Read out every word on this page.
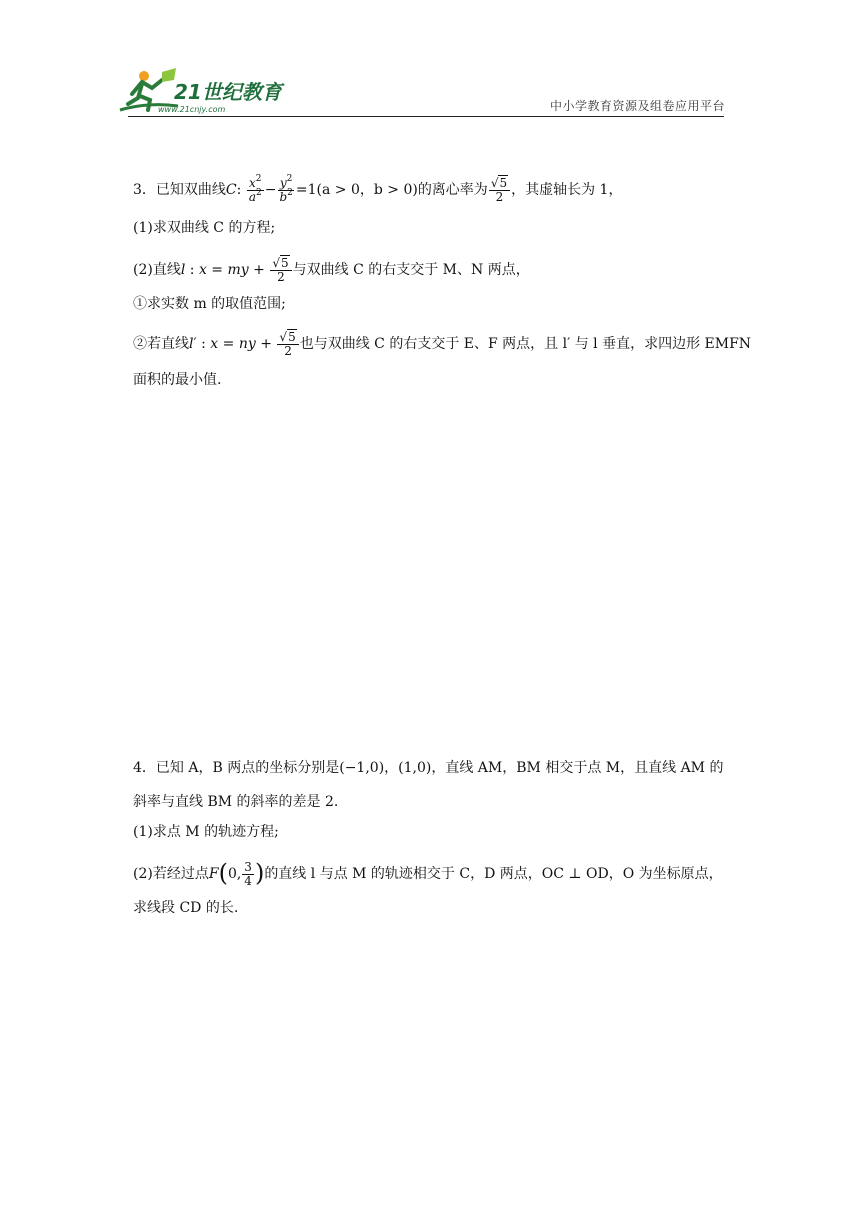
21世纪教育
www.21cnjy.com	中小学教育资源及组卷应用平台
3．已知双曲线C: $\frac{x^2}{a^2} - \frac{y^2}{b^2} =1(a > 0$，b > 0)的离心率为 $\frac{√5}{2}$ ，其虚轴长为 1，
(1)求双曲线 C 的方程;
(2)直线l : x = my + $\frac{√5}{2}$ 与双曲线 C 的右支交于 M、N 两点，
①求实数 m 的取值范围;
②若直线l′ : x = ny + $\frac{√5}{2}$ 也与双曲线 C 的右支交于 E、F 两点，且 l′ 与 l 垂直，求四边形 EMFN
面积的最小值.
4．已知 A，B 两点的坐标分别是(−1,0)，(1,0)，直线 AM，BM 相交于点 M，且直线 AM 的
斜率与直线 BM 的斜率的差是 2.
(1)求点 M 的轨迹方程;
(2)若经过点F(0, $\frac{3}{4}$ )的直线 l 与点 M 的轨迹相交于 C，D 两点，OC ⊥ OD，O 为坐标原点，
求线段 CD 的长.
